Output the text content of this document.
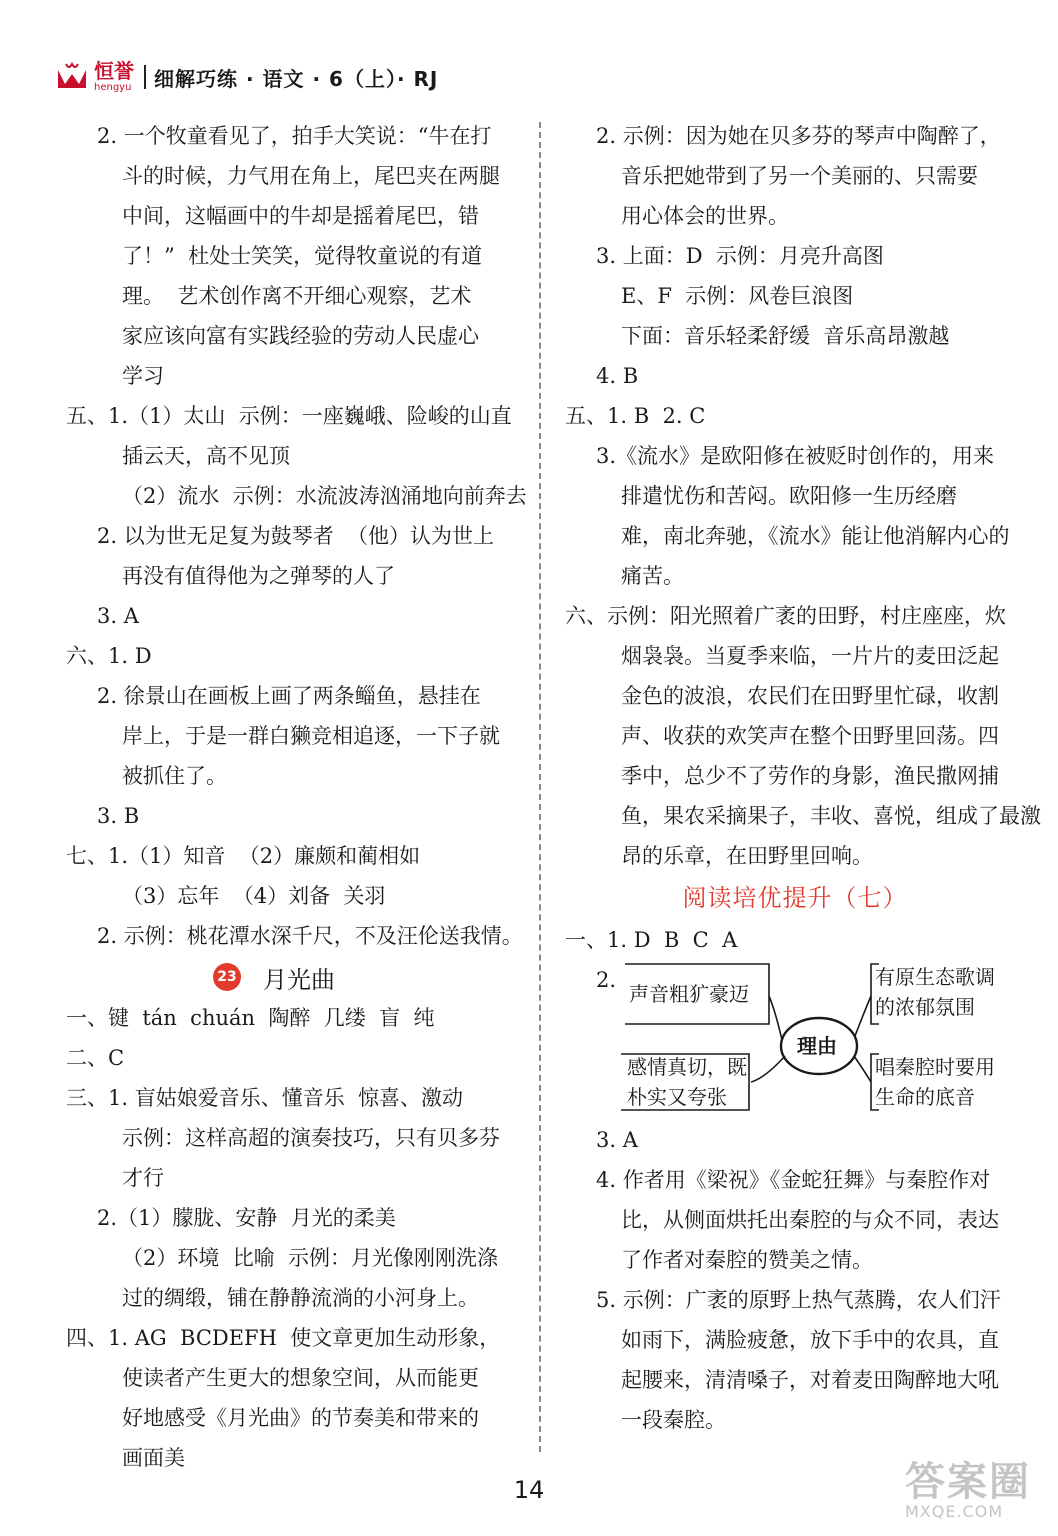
恒誉
hengyu 细解巧练 · 语文 · 6（上）· RJ
2. 一个牧童看见了，拍手大笑说：“牛在打
斗的时候，力气用在角上，尾巴夹在两腿
中间，这幅画中的牛却是摇着尾巴，错
了！”  杜处士笑笑，觉得牧童说的有道
理。  艺术创作离不开细心观察，艺术
家应该向富有实践经验的劳动人民虚心
学习
五、1.（1）太山  示例：一座巍峨、险峻的山直
插云天，高不见顶
（2）流水  示例：水流波涛汹涌地向前奔去
2. 以为世无足复为鼓琴者  （他）认为世上
再没有值得他为之弹琴的人了
3. A
六、1. D
2. 徐景山在画板上画了两条鲻鱼，悬挂在
岸上，于是一群白獭竞相追逐，一下子就
被抓住了。
3. B
七、1.（1）知音  （2）廉颇和蔺相如
（3）忘年  （4）刘备  关羽
2. 示例：桃花潭水深千尺，不及汪伦送我情。
23 月光曲
一、键  tán  chuán  陶醉  几缕  盲  纯
二、C
三、1. 盲姑娘爱音乐、懂音乐  惊喜、激动
示例：这样高超的演奏技巧，只有贝多芬
才行
2.（1）朦胧、安静  月光的柔美
（2）环境  比喻  示例：月光像刚刚洗涤
过的绸缎，铺在静静流淌的小河身上。
四、1. AG  BCDEFH  使文章更加生动形象，
使读者产生更大的想象空间，从而能更
好地感受《月光曲》的节奏美和带来的
画面美
2. 示例：因为她在贝多芬的琴声中陶醉了，
音乐把她带到了另一个美丽的、只需要
用心体会的世界。
3. 上面：D  示例：月亮升高图
E、F  示例：风卷巨浪图
下面：音乐轻柔舒缓  音乐高昂激越
4. B
五、1. B  2. C
3.《流水》是欧阳修在被贬时创作的，用来
排遣忧伤和苦闷。欧阳修一生历经磨
难，南北奔驰，《流水》能让他消解内心的
痛苦。
六、示例：阳光照着广袤的田野，村庄座座，炊
烟袅袅。当夏季来临，一片片的麦田泛起
金色的波浪，农民们在田野里忙碌，收割
声、收获的欢笑声在整个田野里回荡。四
季中，总少不了劳作的身影，渔民撒网捕
鱼，果农采摘果子，丰收、喜悦，组成了最激
昂的乐章，在田野里回响。
阅读培优提升（七）
一、1. D  B  C  A
2.
声音粗犷豪迈
感情真切，既
朴实又夸张
理由
有原生态歌调
的浓郁氛围
唱秦腔时要用
生命的底音
3. A
4. 作者用《梁祝》《金蛇狂舞》与秦腔作对
比，从侧面烘托出秦腔的与众不同，表达
了作者对秦腔的赞美之情。
5. 示例：广袤的原野上热气蒸腾，农人们汗
如雨下，满脸疲惫，放下手中的农具，直
起腰来，清清嗓子，对着麦田陶醉地大吼
一段秦腔。
14	答案圈
MXQE.COM
